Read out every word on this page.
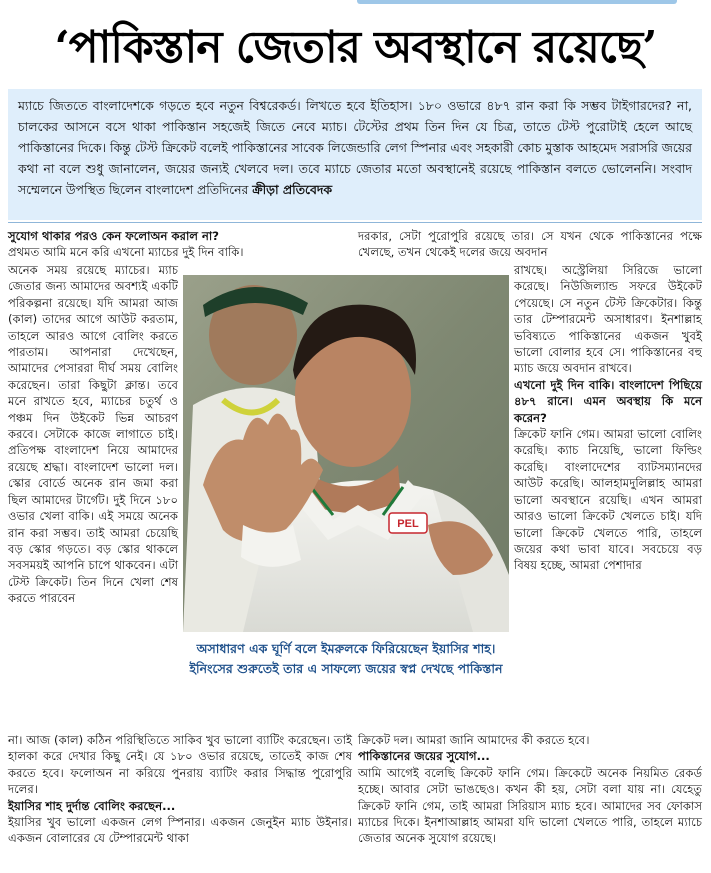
‘পাকিস্তান জেতার অবস্থানে রয়েছে’
ম্যাচে জিততে বাংলাদেশকে গড়তে হবে নতুন বিশ্বরেকর্ড। লিখতে হবে ইতিহাস। ১৮০ ওভারে ৪৮৭ রান করা কি সম্ভব টাইগারদের? না, চালকের আসনে বসে থাকা পাকিস্তান সহজেই জিতে নেবে ম্যাচ। টেস্টের প্রথম তিন দিন যে চিত্র, তাতে টেস্ট পুরোটাই হেলে আছে পাকিস্তানের দিকে। কিন্তু টেস্ট ক্রিকেট বলেই পাকিস্তানের সাবেক লিজেন্ডারি লেগ স্পিনার এবং সহকারী কোচ মুস্তাক আহমেদ সরাসরি জয়ের কথা না বলে শুধু জানালেন, জয়ের জন্যই খেলবে দল। তবে ম্যাচে জেতার মতো অবস্থানেই রয়েছে পাকিস্তান বলতে ভোলেননি। সংবাদ সম্মেলনে উপস্থিত ছিলেন বাংলাদেশ প্রতিদিনের ক্রীড়া প্রতিবেদক

সুযোগ থাকার পরও কেন ফলোঅন করাল না?

প্রথমত আমি মনে করি এখনো ম্যাচের দুই দিন বাকি।

অনেক সময় রয়েছে ম্যাচের। ম্যাচ জেতার জন্য আমাদের অবশ্যই একটি পরিকল্পনা রয়েছে। যদি আমরা আজ (কাল) তাদের আগে আউট করতাম, তাহলে আরও আগে বোলিং করতে পারতাম। আপনারা দেখেছেন, আমাদের পেসাররা দীর্ঘ সময় বোলিং করেছেন। তারা কিছুটা ক্লান্ত। তবে মনে রাখতে হবে, ম্যাচের চতুর্থ ও পঞ্চম দিন উইকেট ভিন্ন আচরণ করবে। সেটাকে কাজে লাগাতে চাই। প্রতিপক্ষ বাংলাদেশ নিয়ে আমাদের রয়েছে শ্রদ্ধা। বাংলাদেশ ভালো দল। স্কোর বোর্ডে অনেক রান জমা করা ছিল আমাদের টার্গেট। দুই দিনে ১৮০ ওভার খেলা বাকি। এই সময়ে অনেক রান করা সম্ভব। তাই আমরা চেয়েছি বড় স্কোর গড়তে। বড় স্কোর থাকলে সবসময়ই আপনি চাপে থাকবেন। এটা টেস্ট ক্রিকেট। তিন দিনে খেলা শেষ করতে পারবেন

না। আজ (কাল) কঠিন পরিস্থিতিতে সাকিব খুব ভালো ব্যাটিং করেছেন। তাই হালকা করে দেখার কিছু নেই। যে ১৮০ ওভার রয়েছে, তাতেই কাজ শেষ করতে হবে। ফলোঅন না করিয়ে পুনরায় ব্যাটিং করার সিদ্ধান্ত পুরোপুরি দলের।

ইয়াসির শাহ দুর্দান্ত বোলিং করছেন...

ইয়াসির খুব ভালো একজন লেগ স্পিনার। একজন জেনুইন ম্যাচ উইনার। একজন বোলারের যে টেম্পারমেন্ট থাকা

দরকার, সেটা পুরোপুরি রয়েছে তার। সে যখন থেকে পাকিস্তানের পক্ষে খেলছে, তখন থেকেই দলের জয়ে অবদান

রাখছে। অস্ট্রেলিয়া সিরিজে ভালো করেছে। নিউজিল্যান্ড সফরে উইকেট পেয়েছে। সে নতুন টেস্ট ক্রিকেটার। কিন্তু তার টেম্পারমেন্ট অসাধারণ। ইনশাল্লাহ ভবিষ্যতে পাকিস্তানের একজন খুবই ভালো বোলার হবে সে। পাকিস্তানের বহু ম্যাচ জয়ে অবদান রাখবে।

এখনো দুই দিন বাকি। বাংলাদেশ পিছিয়ে ৪৮৭ রানে। এমন অবস্থায় কি মনে করেন?

ক্রিকেট ফানি গেম। আমরা ভালো বোলিং করেছি। ক্যাচ নিয়েছি, ভালো ফিল্ডিং করেছি। বাংলাদেশের ব্যাটসম্যানদের আউট করেছি। আলহামদুলিল্লাহ আমরা ভালো অবস্থানে রয়েছি। এখন আমরা আরও ভালো ক্রিকেট খেলতে চাই। যদি ভালো ক্রিকেট খেলতে পারি, তাহলে জয়ের কথা ভাবা যাবে। সবচেয়ে বড় বিষয় হচ্ছে, আমরা পেশাদার

ক্রিকেট দল। আমরা জানি আমাদের কী করতে হবে।

পাকিস্তানের জয়ের সুযোগ...

আমি আগেই বলেছি ক্রিকেট ফানি গেম। ক্রিকেটে অনেক নিয়মিত রেকর্ড হচ্ছে। আবার সেটা ভাঙছেও। কখন কী হয়, সেটা বলা যায় না। যেহেতু ক্রিকেট ফানি গেম, তাই আমরা সিরিয়াস ম্যাচ হবে। আমাদের সব ফোকাস ম্যাচের দিকে। ইনশাআল্লাহ আমরা যদি ভালো খেলতে পারি, তাহলে ম্যাচে জেতার অনেক সুযোগ রয়েছে।

PEL
অসাধারণ এক ঘূর্ণি বলে ইমরুলকে ফিরিয়েছেন ইয়াসির শাহ। ইনিংসের শুরুতেই তার এ সাফল্যে জয়ের স্বপ্ন দেখছে পাকিস্তান
